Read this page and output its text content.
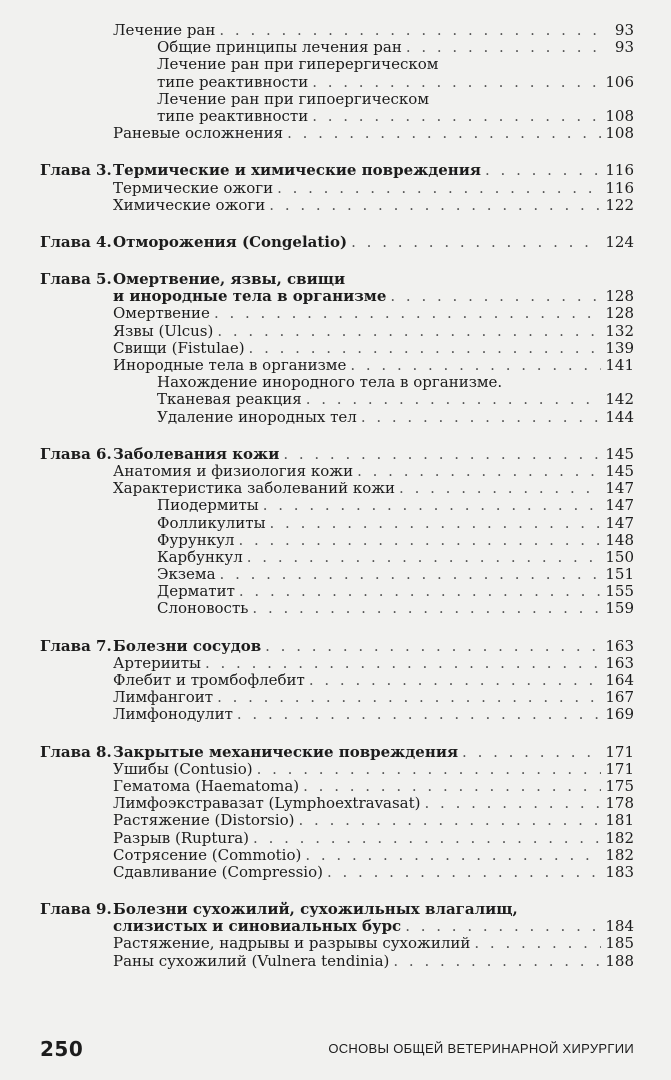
Лечение ран . . .	93
Общие принципы лечения ран . . .	93
Лечение ран при гиперергическом
типе реактивности . . .	106
Лечение ран при гипоергическом
типе реактивности . . .	108
Раневые осложнения . . .	108
Глава 3. Термические и химические повреждения . . .	116
Термические ожоги . . .	116
Химические ожоги . . .	122
Глава 4. Отморожения (Congelatio) . . .	124
Глава 5. Омертвение, язвы, свищи
и инородные тела в организме . . .	128
Омертвение . . .	128
Язвы (Ulcus) . . .	132
Свищи (Fistulae) . . .	139
Инородные тела в организме . . .	141
Нахождение инородного тела в организме.
Тканевая реакция . . .	142
Удаление инородных тел . . .	144
Глава 6. Заболевания кожи . . .	145
Анатомия и физиология кожи . . .	145
Характеристика заболеваний кожи . . .	147
Пиодермиты . . .	147
Фолликулиты . . .	147
Фурункул . . .	148
Карбункул . . .	150
Экзема . . .	151
Дерматит . . .	155
Слоновость . . .	159
Глава 7. Болезни сосудов . . .	163
Артерииты . . .	163
Флебит и тромбофлебит . . .	164
Лимфангоит . . .	167
Лимфонодулит . . .	169
Глава 8. Закрытые механические повреждения . . .	171
Ушибы (Contusio) . . .	171
Гематома (Haematoma) . . .	175
Лимфоэкстравазат (Lymphoextravasat) . . .	178
Растяжение (Distorsio) . . .	181
Разрыв (Ruptura) . . .	182
Сотрясение (Commotio) . . .	182
Сдавливание (Compressio) . . .	183
Глава 9. Болезни сухожилий, сухожильных влагалищ,
слизистых и синовиальных бурс . . .	184
Растяжение, надрывы и разрывы сухожилий . . .	185
Раны сухожилий (Vulnera tendinia) . . .	188
250	ОСНОВЫ ОБЩЕЙ ВЕТЕРИНАРНОЙ ХИРУРГИИ
